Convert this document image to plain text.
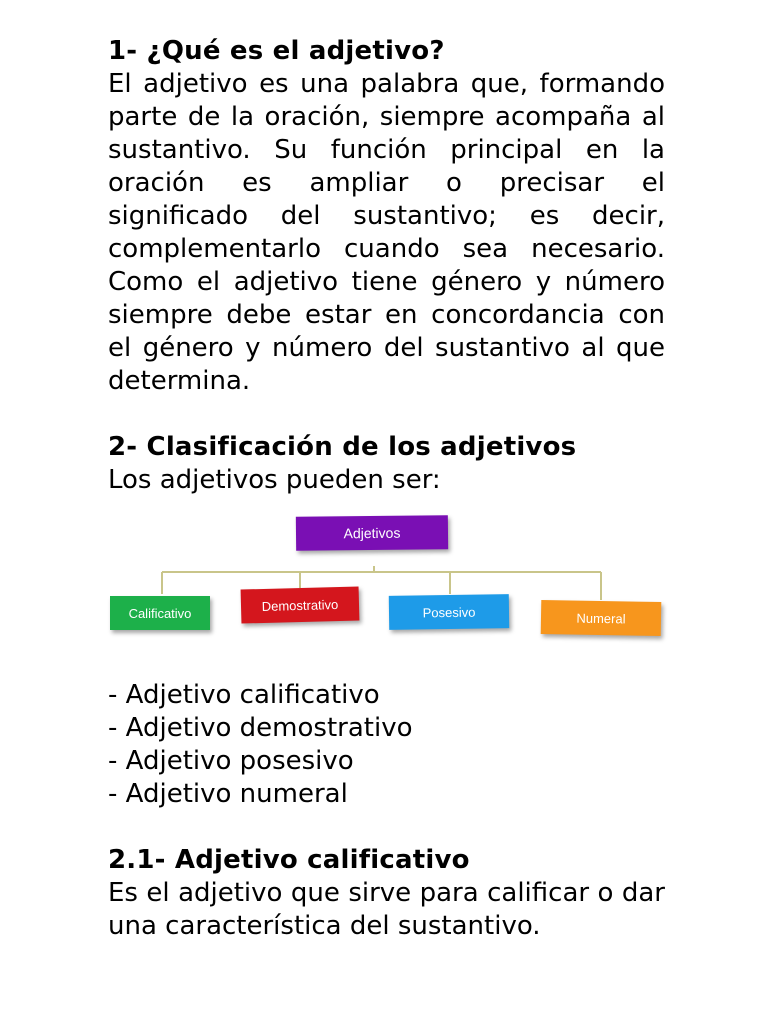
1- ¿Qué es el adjetivo?

El adjetivo es una palabra que, formando parte de la oración, siempre acompaña al sustantivo. Su función principal en la oración es ampliar o precisar el significado del sustantivo; es decir, complementarlo cuando sea necesario. Como el adjetivo tiene género y número siempre debe estar en concordancia con el género y número del sustantivo al que determina.

2- Clasificación de los adjetivos

Los adjetivos pueden ser:

Adjetivos
Calificativo	Demostrativo	Posesivo	Numeral

- Adjetivo calificativo

- Adjetivo demostrativo

- Adjetivo posesivo

- Adjetivo numeral

2.1- Adjetivo calificativo

Es el adjetivo que sirve para calificar o dar una característica del sustantivo.
